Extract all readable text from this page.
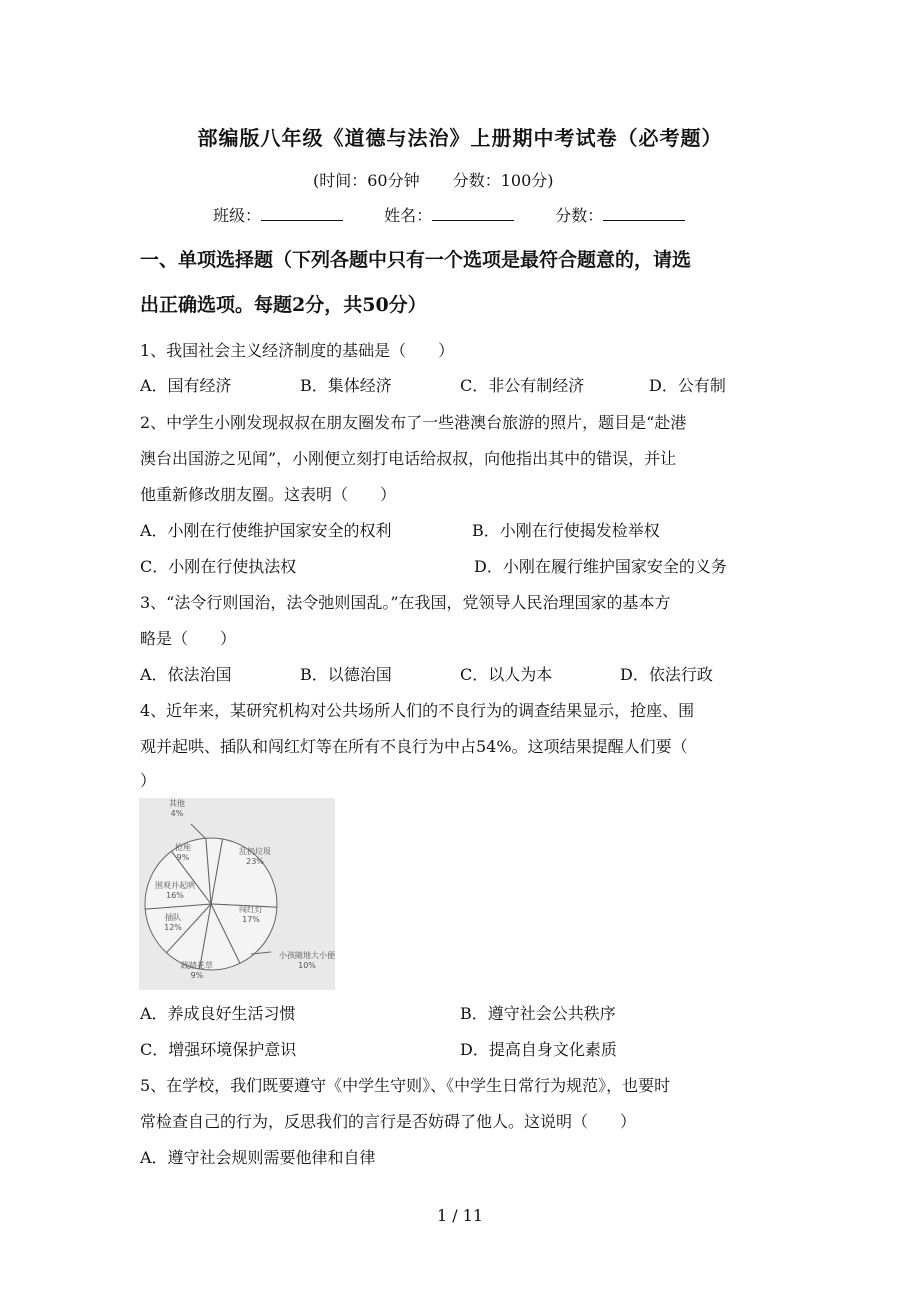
部编版八年级《道德与法治》上册期中考试卷（必考题）
(时间：60分钟 分数：100分)
班级：	姓名：	分数：
一、单项选择题（下列各题中只有一个选项是最符合题意的，请选
出正确选项。每题2分，共50分）
1、我国社会主义经济制度的基础是（　　）
A．国有经济	B．集体经济	C．非公有制经济	D．公有制
2、中学生小刚发现叔叔在朋友圈发布了一些港澳台旅游的照片，题目是“赴港
澳台出国游之见闻”，小刚便立刻打电话给叔叔，向他指出其中的错误，并让
他重新修改朋友圈。这表明（　　）
A．小刚在行使维护国家安全的权利	B．小刚在行使揭发检举权
C．小刚在行使执法权	D．小刚在履行维护国家安全的义务
3、“法令行则国治，法令弛则国乱。”在我国，党领导人民治理国家的基本方
略是（　　）
A．依法治国	B．以德治国	C．以人为本	D．依法行政
4、近年来，某研究机构对公共场所人们的不良行为的调查结果显示，抢座、围
观并起哄、插队和闯红灯等在所有不良行为中占54%。这项结果提醒人们要（
）
乱扔垃圾
23%
闯红灯
17%
小孩随地大小便
10%
践踏花草
9%
插队
12%
围观并起哄
16%
抢座
9%
其他
4%
A．养成良好生活习惯	B．遵守社会公共秩序
C．增强环境保护意识	D．提高自身文化素质
5、在学校，我们既要遵守《中学生守则》、《中学生日常行为规范》，也要时
常检查自己的行为，反思我们的言行是否妨碍了他人。这说明（　　）
A．遵守社会规则需要他律和自律
1 / 11
